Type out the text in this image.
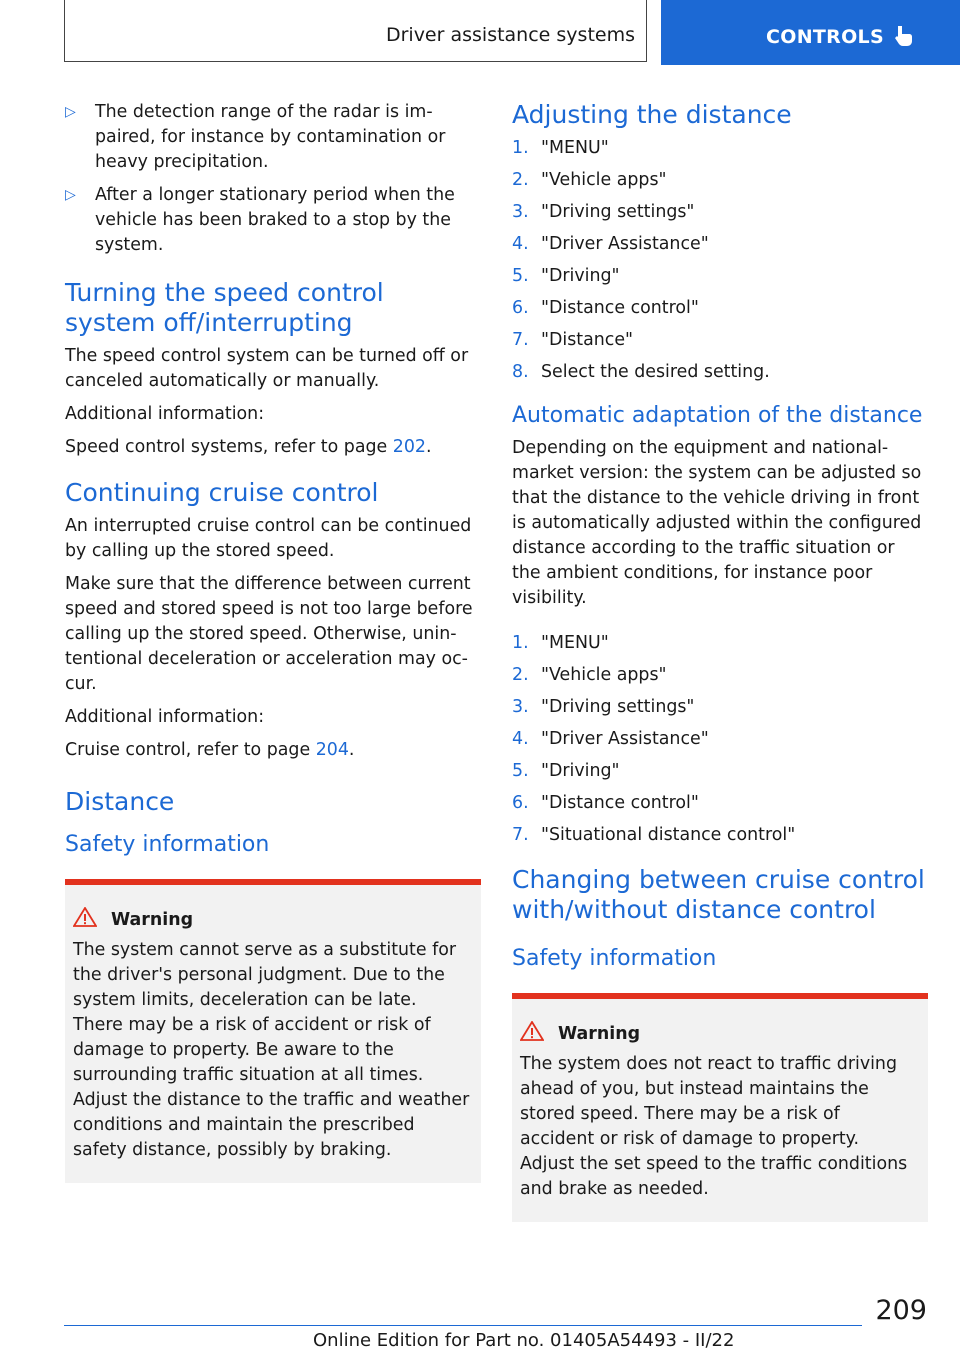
Driver assistance systems	CONTROLS
▷ The detection range of the radar is impaired, for instance by contamination or heavy precipitation.
▷ After a longer stationary period when the vehicle has been braked to a stop by the system.
Turning the speed control system off/interrupting

The speed control system can be turned off or canceled automatically or manually.

Additional information:

Speed control systems, refer to page 202.

Continuing cruise control

An interrupted cruise control can be continued by calling up the stored speed.

Make sure that the difference between current speed and stored speed is not too large before calling up the stored speed. Otherwise, unintentional deceleration or acceleration may occur.

Additional information:

Cruise control, refer to page 204.

Distance
Safety information
Warning

The system cannot serve as a substitute for the driver's personal judgment. Due to the system limits, deceleration can be late. There may be a risk of accident or risk of damage to property. Be aware to the surrounding traffic situation at all times. Adjust the distance to the traffic and weather conditions and maintain the prescribed safety distance, possibly by braking.

Adjusting the distance
1. "MENU"
2. "Vehicle apps"
3. "Driving settings"
4. "Driver Assistance"
5. "Driving"
6. "Distance control"
7. "Distance"
8. Select the desired setting.
Automatic adaptation of the distance

Depending on the equipment and national-market version: the system can be adjusted so that the distance to the vehicle driving in front is automatically adjusted within the configured distance according to the traffic situation or the ambient conditions, for instance poor visibility.

1. "MENU"
2. "Vehicle apps"
3. "Driving settings"
4. "Driver Assistance"
5. "Driving"
6. "Distance control"
7. "Situational distance control"
Changing between cruise control with/without distance control
Safety information
Warning

The system does not react to traffic driving ahead of you, but instead maintains the stored speed. There may be a risk of accident or risk of damage to property. Adjust the set speed to the traffic conditions and brake as needed.

209
Online Edition for Part no. 01405A54493 - II/22
